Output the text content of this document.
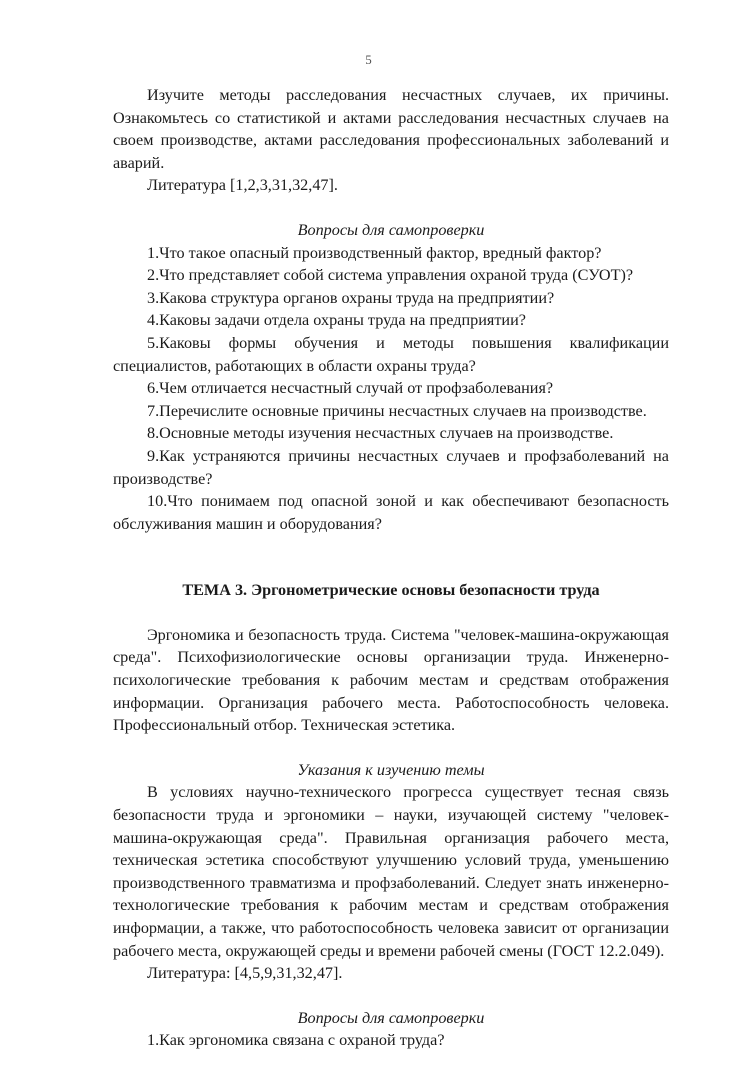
5

Изучите методы расследования несчастных случаев, их причины. Ознакомьтесь со статистикой и актами расследования несчастных случаев на своем производстве, актами расследования профессиональных заболеваний и аварий.

Литература [1,2,3,31,32,47].

Вопросы для самопроверки

1.Что такое опасный производственный фактор, вредный фактор?
2.Что представляет собой система управления охраной труда (СУОТ)?
3.Какова структура органов охраны труда на предприятии?
4.Каковы задачи отдела охраны труда на предприятии?
5.Каковы формы обучения и методы повышения квалификации специалистов, работающих в области охраны труда?
6.Чем отличается несчастный случай от профзаболевания?
7.Перечислите основные причины несчастных случаев на производстве.
8.Основные методы изучения несчастных случаев на производстве.
9.Как устраняются причины несчастных случаев и профзаболеваний на производстве?
10.Что понимаем под опасной зоной и как обеспечивают безопасность обслуживания машин и оборудования?

ТЕМА 3. Эргонометрические основы безопасности труда

Эргономика и безопасность труда. Система "человек-машина-окружающая среда". Психофизиологические основы организации труда. Инженерно-психологические требования к рабочим местам и средствам отображения информации. Организация рабочего места. Работоспособность человека. Профессиональный отбор. Техническая эстетика.

Указания к изучению темы

В условиях научно-технического прогресса существует тесная связь безопасности труда и эргономики – науки, изучающей систему "человек-машина-окружающая среда". Правильная организация рабочего места, техническая эстетика способствуют улучшению условий труда, уменьшению производственного травматизма и профзаболеваний. Следует знать инженерно-технологические требования к рабочим местам и средствам отображения информации, а также, что работоспособность человека зависит от организации рабочего места, окружающей среды и времени рабочей смены (ГОСТ 12.2.049).

Литература: [4,5,9,31,32,47].

Вопросы для самопроверки

1.Как эргономика связана с охраной труда?
